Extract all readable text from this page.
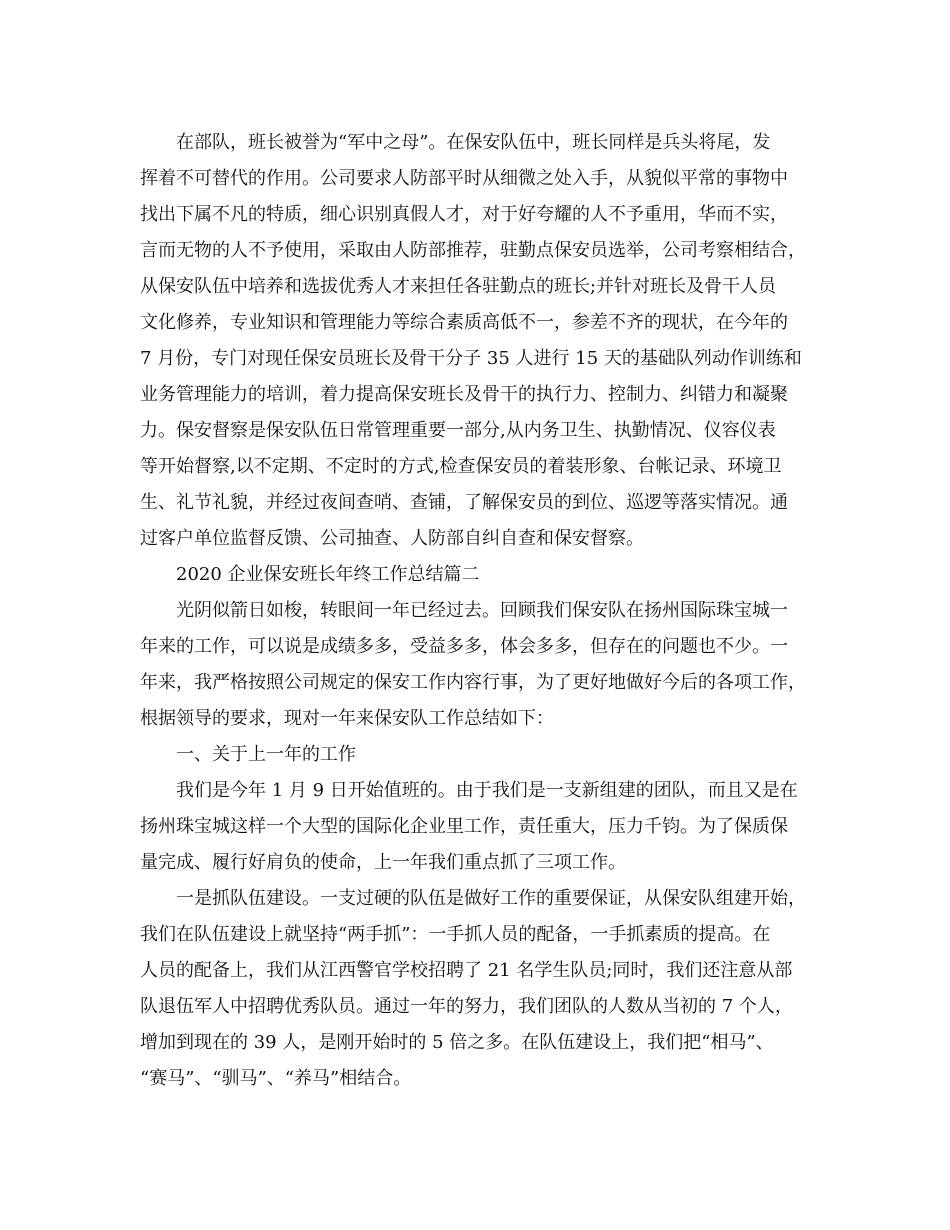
在部队，班长被誉为“军中之母”。在保安队伍中，班长同样是兵头将尾，发
挥着不可替代的作用。公司要求人防部平时从细微之处入手，从貌似平常的事物中
找出下属不凡的特质，细心识别真假人才，对于好夸耀的人不予重用，华而不实，
言而无物的人不予使用，采取由人防部推荐，驻勤点保安员选举，公司考察相结合，
从保安队伍中培养和选拔优秀人才来担任各驻勤点的班长;并针对班长及骨干人员
文化修养，专业知识和管理能力等综合素质高低不一，参差不齐的现状，在今年的
7 月份，专门对现任保安员班长及骨干分子 35 人进行 15 天的基础队列动作训练和
业务管理能力的培训，着力提高保安班长及骨干的执行力、控制力、纠错力和凝聚
力。保安督察是保安队伍日常管理重要一部分,从内务卫生、执勤情况、仪容仪表
等开始督察,以不定期、不定时的方式,检查保安员的着装形象、台帐记录、环境卫
生、礼节礼貌，并经过夜间查哨、查铺，了解保安员的到位、巡逻等落实情况。通
过客户单位监督反馈、公司抽查、人防部自纠自查和保安督察。
2020 企业保安班长年终工作总结篇二
光阴似箭日如梭，转眼间一年已经过去。回顾我们保安队在扬州国际珠宝城一
年来的工作，可以说是成绩多多，受益多多，体会多多，但存在的问题也不少。一
年来，我严格按照公司规定的保安工作内容行事，为了更好地做好今后的各项工作，
根据领导的要求，现对一年来保安队工作总结如下：
一、关于上一年的工作
我们是今年 1 月 9 日开始值班的。由于我们是一支新组建的团队，而且又是在
扬州珠宝城这样一个大型的国际化企业里工作，责任重大，压力千钧。为了保质保
量完成、履行好肩负的使命，上一年我们重点抓了三项工作。
一是抓队伍建设。一支过硬的队伍是做好工作的重要保证，从保安队组建开始，
我们在队伍建设上就坚持“两手抓”：一手抓人员的配备，一手抓素质的提高。在
人员的配备上，我们从江西警官学校招聘了 21 名学生队员;同时，我们还注意从部
队退伍军人中招聘优秀队员。通过一年的努力，我们团队的人数从当初的 7 个人，
增加到现在的 39 人，是刚开始时的 5 倍之多。在队伍建设上，我们把“相马”、
“赛马”、“驯马”、“养马”相结合。
